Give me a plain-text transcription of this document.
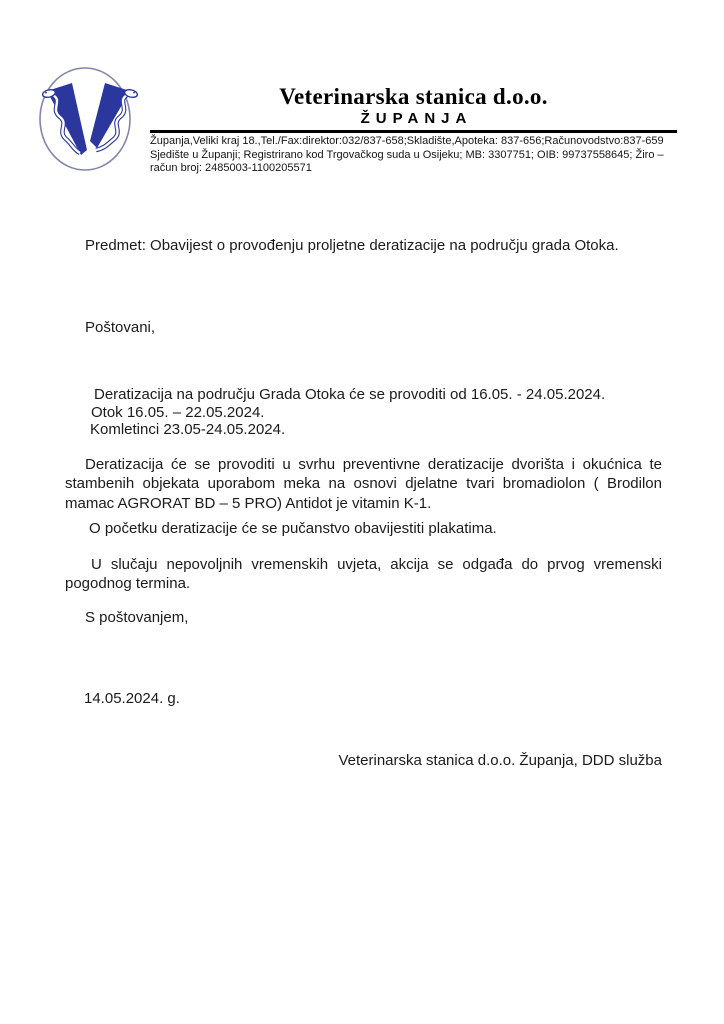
Veterinarska stanica d.o.o.
ŽUPANJA
Županja,Veliki kraj 18.,Tel./Fax:direktor:032/837-658;Skladište,Apoteka: 837-656;Računovodstvo:837-659
Sjedište u Županji; Registrirano kod Trgovačkog suda u Osijeku; MB: 3307751; OIB: 99737558645; Žiro –
račun broj: 2485003-1100205571
Predmet: Obavijest o provođenju proljetne deratizacije na području grada Otoka.
Poštovani,
Deratizacija na području Grada Otoka će se provoditi od 16.05. - 24.05.2024.
Otok 16.05. – 22.05.2024.
Komletinci 23.05-24.05.2024.
Deratizacija će se provoditi u svrhu preventivne deratizacije dvorišta i okućnica te
stambenih objekata uporabom meka na osnovi djelatne tvari bromadiolon ( Brodilon
mamac AGRORAT BD – 5 PRO) Antidot je vitamin K-1.
O početku deratizacije će se pučanstvo obavijestiti plakatima.
U slučaju nepovoljnih vremenskih uvjeta, akcija se odgađa do prvog vremenski
pogodnog termina.
S poštovanjem,
14.05.2024. g.
Veterinarska stanica d.o.o. Županja, DDD služba
